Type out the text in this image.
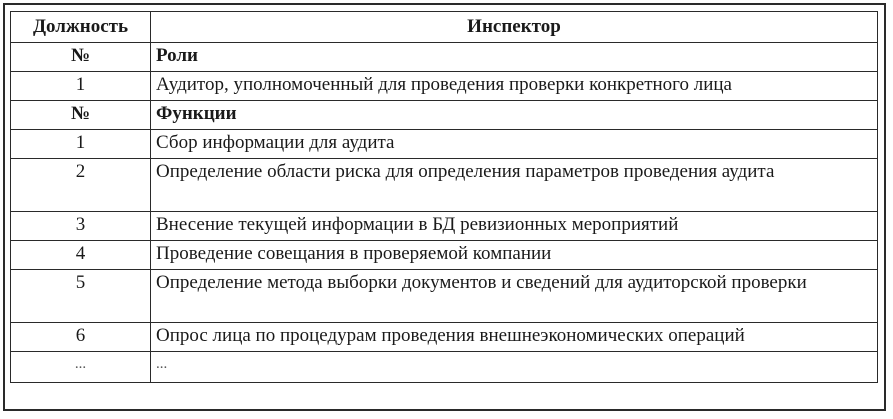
Должность	Инспектор
№	Роли
1	Аудитор, уполномоченный для проведения проверки конкретного лица
№	Функции
1	Сбор информации для аудита
2	Определение области риска для определения параметров проведения аудита
3	Внесение текущей информации в БД ревизионных мероприятий
4	Проведение совещания в проверяемой компании
5	Определение метода выборки документов и сведений для аудиторской проверки
6	Опрос лица по процедурам проведения внешнеэкономических операций
...	...
